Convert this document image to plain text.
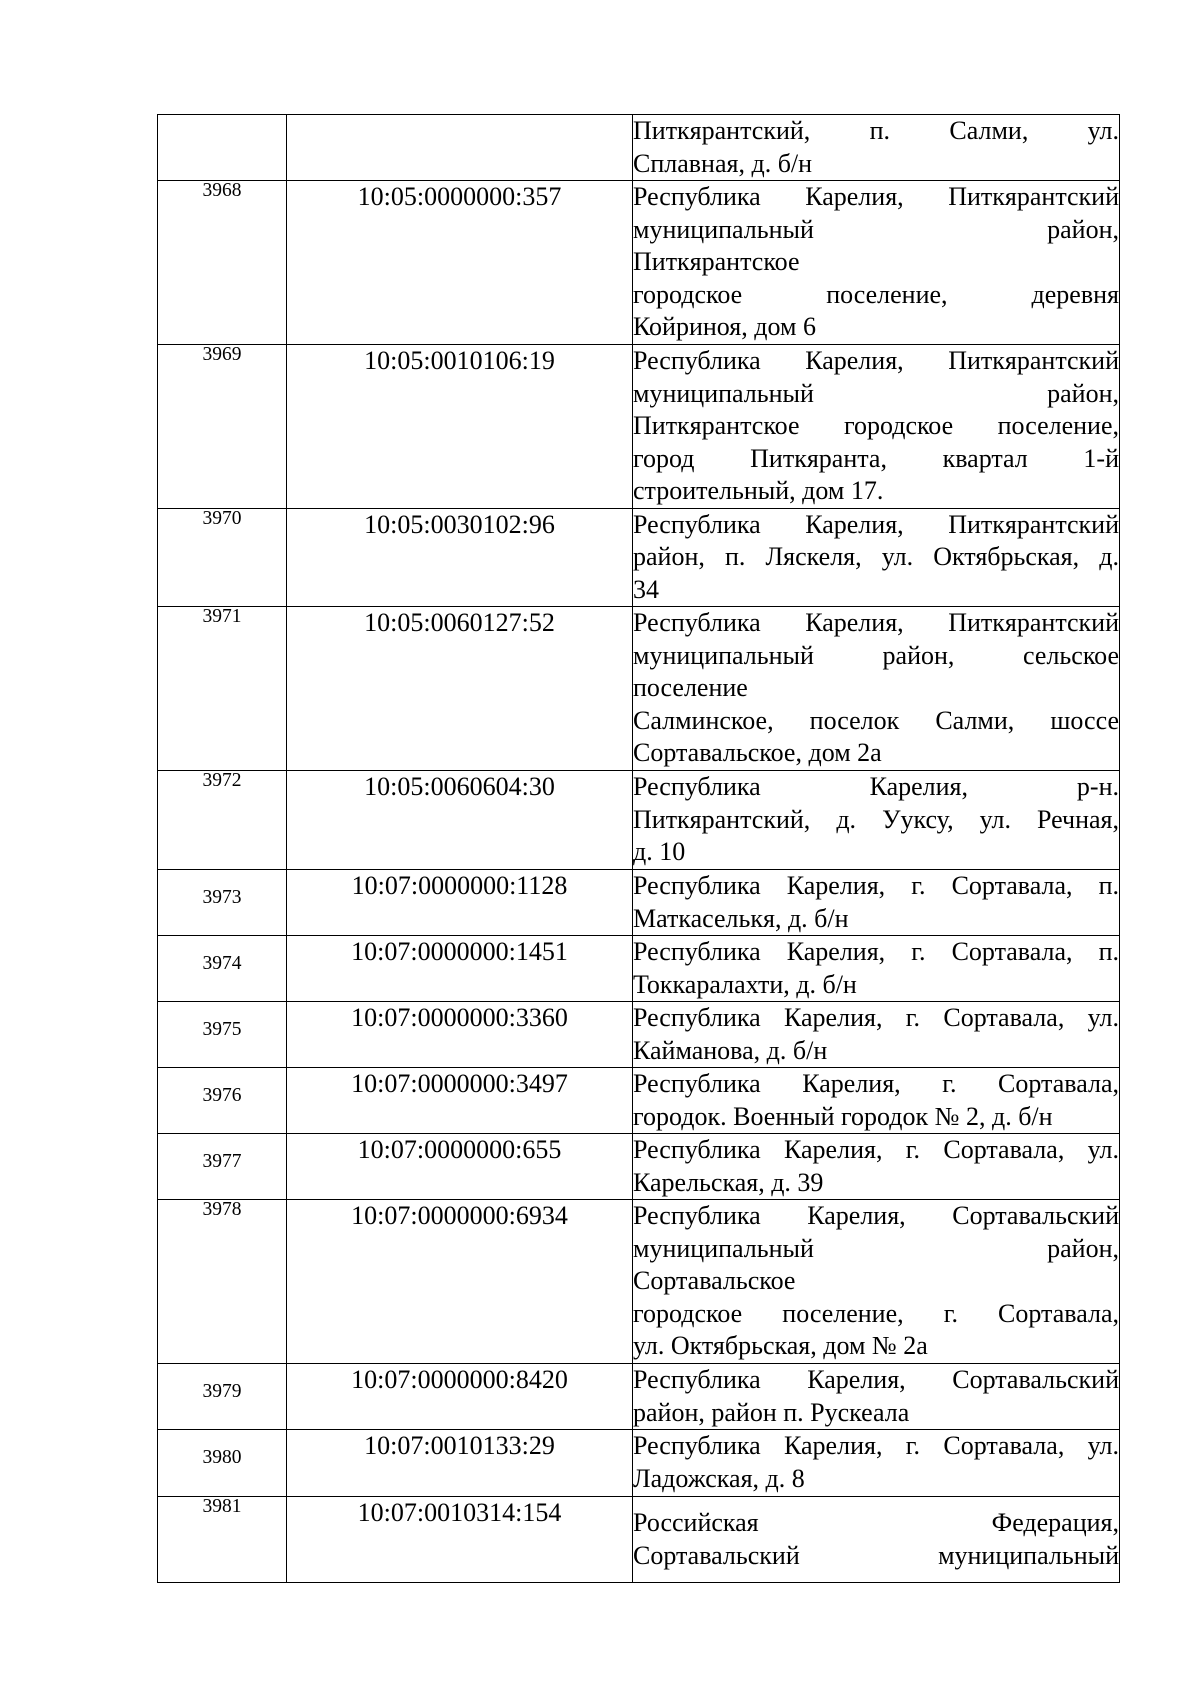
		Питкярантский, п. Салми, ул.
Сплавная, д. б/н

3968	10:05:0000000:357	Республика Карелия, Питкярантский
муниципальный район,
Питкярантское
городское поселение, деревня
Койриноя, дом 6

3969	10:05:0010106:19	Республика Карелия, Питкярантский
муниципальный район,
Питкярантское городское поселение,
город Питкяранта, квартал 1-й
строительный, дом 17.

3970	10:05:0030102:96	Республика Карелия, Питкярантский
район, п. Ляскеля, ул. Октябрьская, д.
34

3971	10:05:0060127:52	Республика Карелия, Питкярантский
муниципальный район, сельское
поселение
Салминское, поселок Салми, шоссе
Сортавальское, дом 2а

3972	10:05:0060604:30	Республика Карелия, р-н.
Питкярантский, д. Ууксу, ул. Речная,
д. 10

3973	10:07:0000000:1128	Республика Карелия, г. Сортавала, п.
Маткаселькя, д. б/н

3974	10:07:0000000:1451	Республика Карелия, г. Сортавала, п.
Токкаралахти, д. б/н

3975	10:07:0000000:3360	Республика Карелия, г. Сортавала, ул.
Кайманова, д. б/н

3976	10:07:0000000:3497	Республика Карелия, г. Сортавала,
городок. Военный городок № 2, д. б/н

3977	10:07:0000000:655	Республика Карелия, г. Сортавала, ул.
Карельская, д. 39

3978	10:07:0000000:6934	Республика Карелия, Сортавальский
муниципальный район,
Сортавальское
городское поселение, г. Сортавала,
ул. Октябрьская, дом № 2а

3979	10:07:0000000:8420	Республика Карелия, Сортавальский
район, район п. Рускеала

3980	10:07:0010133:29	Республика Карелия, г. Сортавала, ул.
Ладожская, д. 8

3981	10:07:0010314:154	Российская Федерация,
Сортавальский муниципальный
